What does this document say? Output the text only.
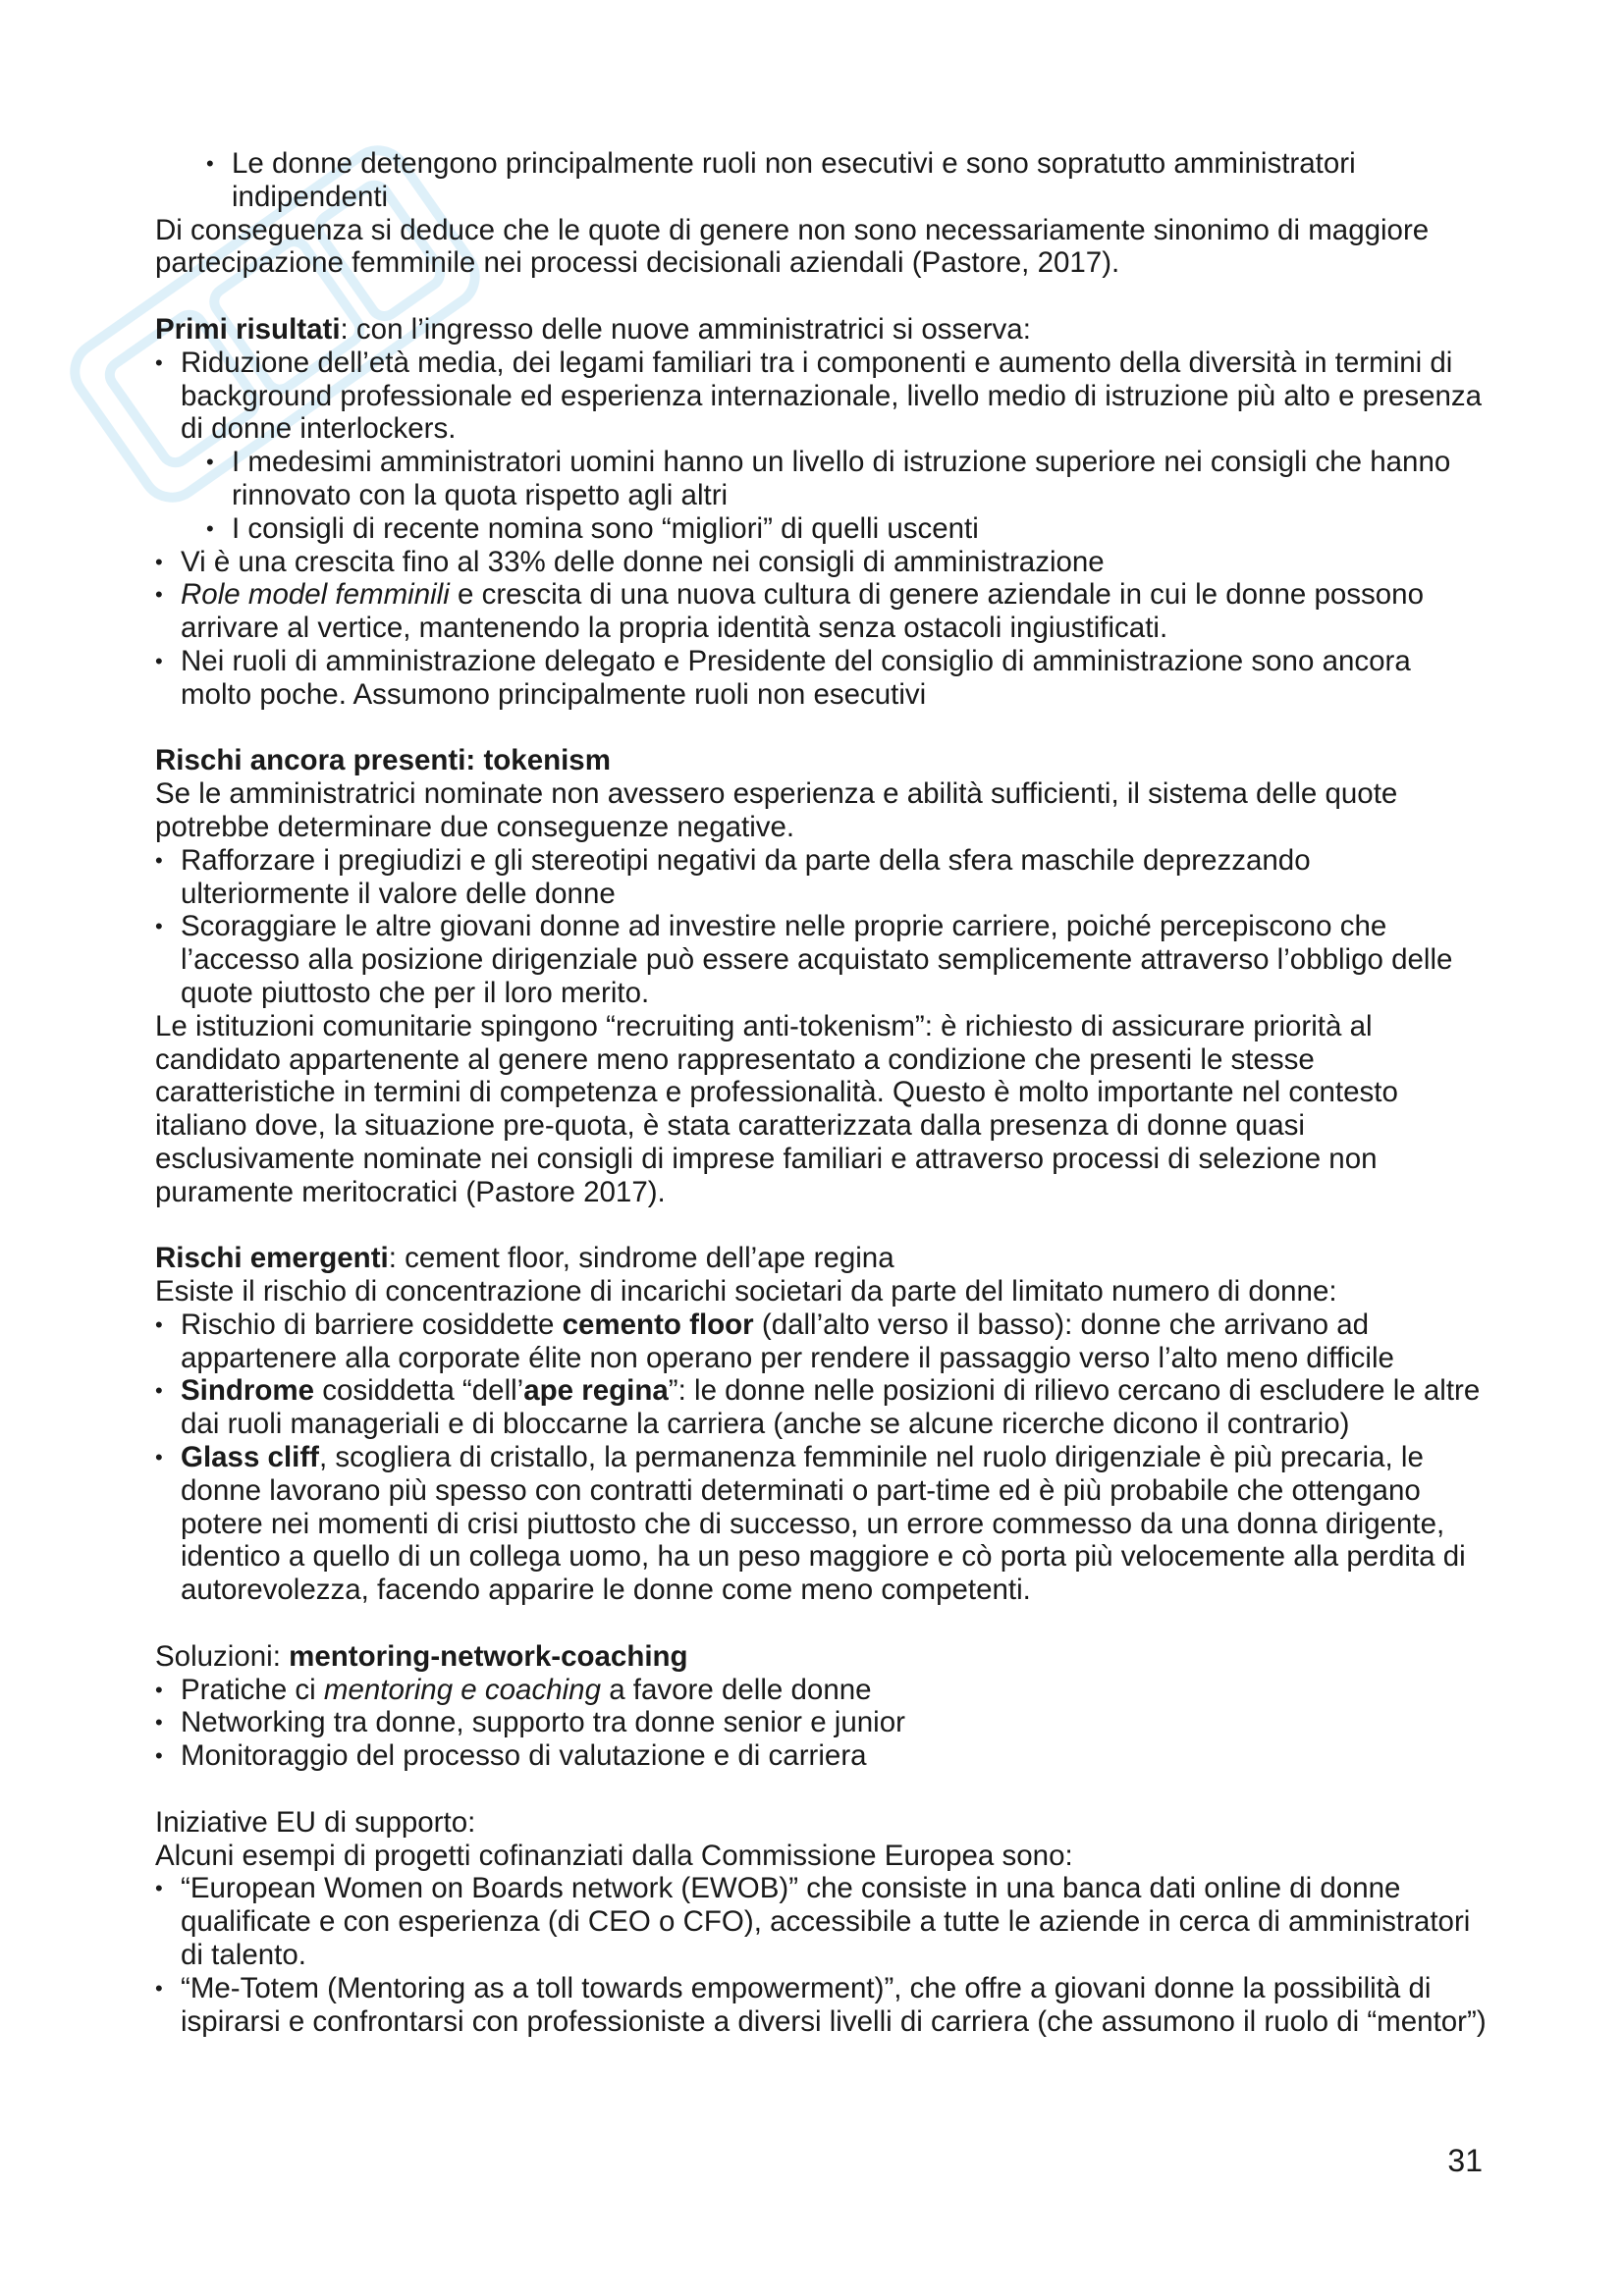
• Le donne detengono principalmente ruoli non esecutivi e sono sopratutto amministratori indipendenti

Di conseguenza si deduce che le quote di genere non sono necessariamente sinonimo di maggiore partecipazione femminile nei processi decisionali aziendali (Pastore, 2017).

Primi risultati: con l’ingresso delle nuove amministratrici si osserva:

• Riduzione dell’età media, dei legami familiari tra i componenti e aumento della diversità in termini di background professionale ed esperienza internazionale, livello medio di istruzione più alto e presenza di donne interlockers.
• I medesimi amministratori uomini hanno un livello di istruzione superiore nei consigli che hanno rinnovato con la quota rispetto agli altri
• I consigli di recente nomina sono “migliori” di quelli uscenti
• Vi è una crescita fino al 33% delle donne nei consigli di amministrazione
• Role model femminili e crescita di una nuova cultura di genere aziendale in cui le donne possono arrivare al vertice, mantenendo la propria identità senza ostacoli ingiustificati.
• Nei ruoli di amministrazione delegato e Presidente del consiglio di amministrazione sono ancora molto poche. Assumono principalmente ruoli non esecutivi

Rischi ancora presenti: tokenism

Se le amministratrici nominate non avessero esperienza e abilità sufficienti, il sistema delle quote potrebbe determinare due conseguenze negative.

• Rafforzare i pregiudizi e gli stereotipi negativi da parte della sfera maschile deprezzando ulteriormente il valore delle donne
• Scoraggiare le altre giovani donne ad investire nelle proprie carriere, poiché percepiscono che l’accesso alla posizione dirigenziale può essere acquistato semplicemente attraverso l’obbligo delle quote piuttosto che per il loro merito.

Le istituzioni comunitarie spingono “recruiting anti-tokenism”: è richiesto di assicurare priorità al candidato appartenente al genere meno rappresentato a condizione che presenti le stesse caratteristiche in termini di competenza e professionalità. Questo è molto importante nel contesto italiano dove, la situazione pre-quota, è stata caratterizzata dalla presenza di donne quasi esclusivamente nominate nei consigli di imprese familiari e attraverso processi di selezione non puramente meritocratici (Pastore 2017).

Rischi emergenti: cement floor, sindrome dell’ape regina

Esiste il rischio di concentrazione di incarichi societari da parte del limitato numero di donne:

• Rischio di barriere cosiddette cemento floor (dall’alto verso il basso): donne che arrivano ad appartenere alla corporate élite non operano per rendere il passaggio verso l’alto meno difficile
• Sindrome cosiddetta “dell’ape regina”: le donne nelle posizioni di rilievo cercano di escludere le altre dai ruoli manageriali e di bloccarne la carriera (anche se alcune ricerche dicono il contrario)
• Glass cliff, scogliera di cristallo, la permanenza femminile nel ruolo dirigenziale è più precaria, le donne lavorano più spesso con contratti determinati o part-time ed è più probabile che ottengano potere nei momenti di crisi piuttosto che di successo, un errore commesso da una donna dirigente, identico a quello di un collega uomo, ha un peso maggiore e cò porta più velocemente alla perdita di autorevolezza, facendo apparire le donne come meno competenti.

Soluzioni: mentoring-network-coaching

• Pratiche ci mentoring e coaching a favore delle donne
• Networking tra donne, supporto tra donne senior e junior
• Monitoraggio del processo di valutazione e di carriera

Iniziative EU di supporto:

Alcuni esempi di progetti cofinanziati dalla Commissione Europea sono:

• “European Women on Boards network (EWOB)” che consiste in una banca dati online di donne qualificate e con esperienza (di CEO o CFO), accessibile a tutte le aziende in cerca di amministratori di talento.
• “Me-Totem (Mentoring as a toll towards empowerment)”, che offre a giovani donne la possibilità di ispirarsi e confrontarsi con professioniste a diversi livelli di carriera (che assumono il ruolo di “mentor”)
31
